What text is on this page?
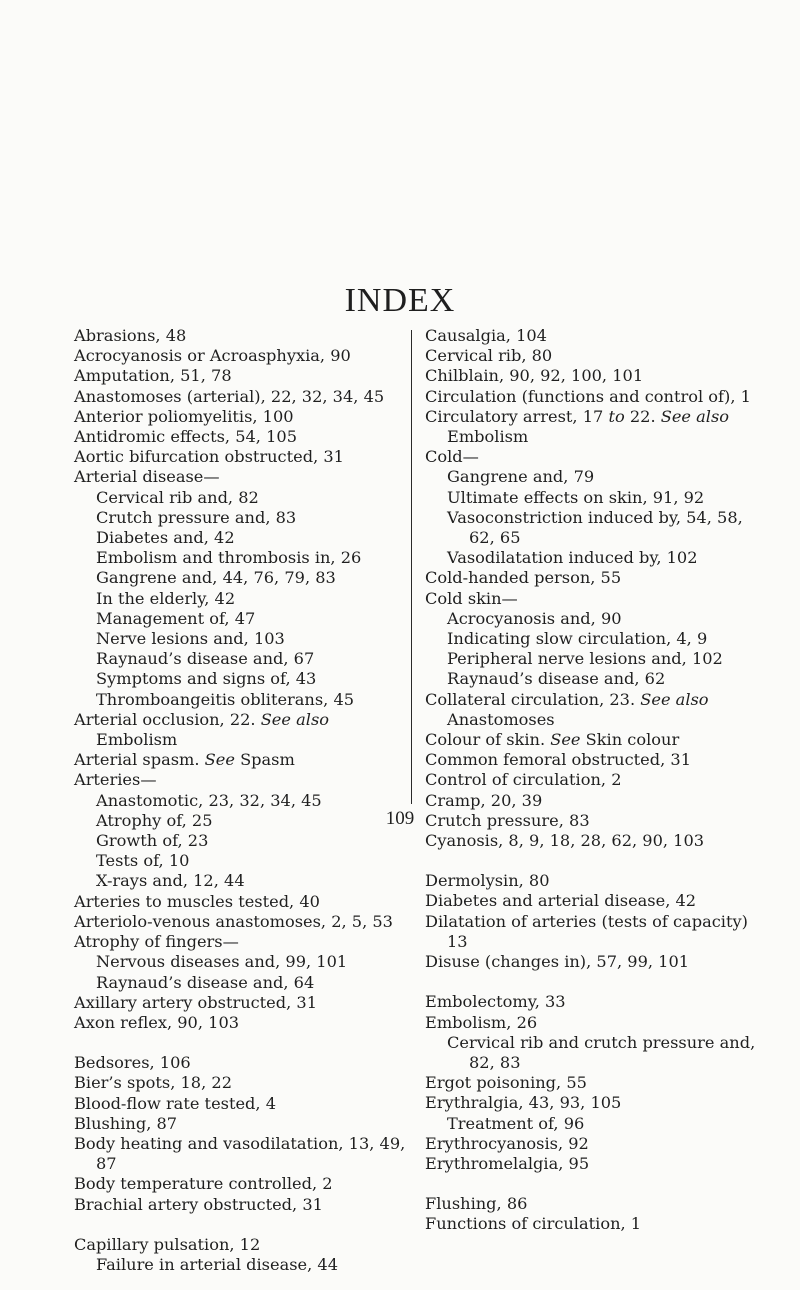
INDEX
Abrasions, 48
Acrocyanosis or Acroasphyxia, 90
Amputation, 51, 78
Anastomoses (arterial), 22, 32, 34, 45
Anterior poliomyelitis, 100
Antidromic effects, 54, 105
Aortic bifurcation obstructed, 31
Arterial disease—
Cervical rib and, 82
Crutch pressure and, 83
Diabetes and, 42
Embolism and thrombosis in, 26
Gangrene and, 44, 76, 79, 83
In the elderly, 42
Management of, 47
Nerve lesions and, 103
Raynaud’s disease and, 67
Symptoms and signs of, 43
Thromboangeitis obliterans, 45
Arterial occlusion, 22. See also Embolism
Arterial spasm. See Spasm
Arteries—
Anastomotic, 23, 32, 34, 45
Atrophy of, 25
Growth of, 23
Tests of, 10
X-rays and, 12, 44
Arteries to muscles tested, 40
Arteriolo-venous anastomoses, 2, 5, 53
Atrophy of fingers—
Nervous diseases and, 99, 101
Raynaud’s disease and, 64
Axillary artery obstructed, 31
Axon reflex, 90, 103
Bedsores, 106
Bier’s spots, 18, 22
Blood-flow rate tested, 4
Blushing, 87
Body heating and vasodilatation, 13, 49, 87
Body temperature controlled, 2
Brachial artery obstructed, 31
Capillary pulsation, 12
Failure in arterial disease, 44
Causalgia, 104
Cervical rib, 80
Chilblain, 90, 92, 100, 101
Circulation (functions and control of), 1
Circulatory arrest, 17 to 22. See also Embolism
Cold—
Gangrene and, 79
Ultimate effects on skin, 91, 92
Vasoconstriction induced by, 54, 58, 62, 65
Vasodilatation induced by, 102
Cold-handed person, 55
Cold skin—
Acrocyanosis and, 90
Indicating slow circulation, 4, 9
Peripheral nerve lesions and, 102
Raynaud’s disease and, 62
Collateral circulation, 23. See also Anastomoses
Colour of skin. See Skin colour
Common femoral obstructed, 31
Control of circulation, 2
Cramp, 20, 39
Crutch pressure, 83
Cyanosis, 8, 9, 18, 28, 62, 90, 103
Dermolysin, 80
Diabetes and arterial disease, 42
Dilatation of arteries (tests of capacity) 13
Disuse (changes in), 57, 99, 101
Embolectomy, 33
Embolism, 26
Cervical rib and crutch pressure and, 82, 83
Ergot poisoning, 55
Erythralgia, 43, 93, 105
Treatment of, 96
Erythrocyanosis, 92
Erythromelalgia, 95
Flushing, 86
Functions of circulation, 1
109
